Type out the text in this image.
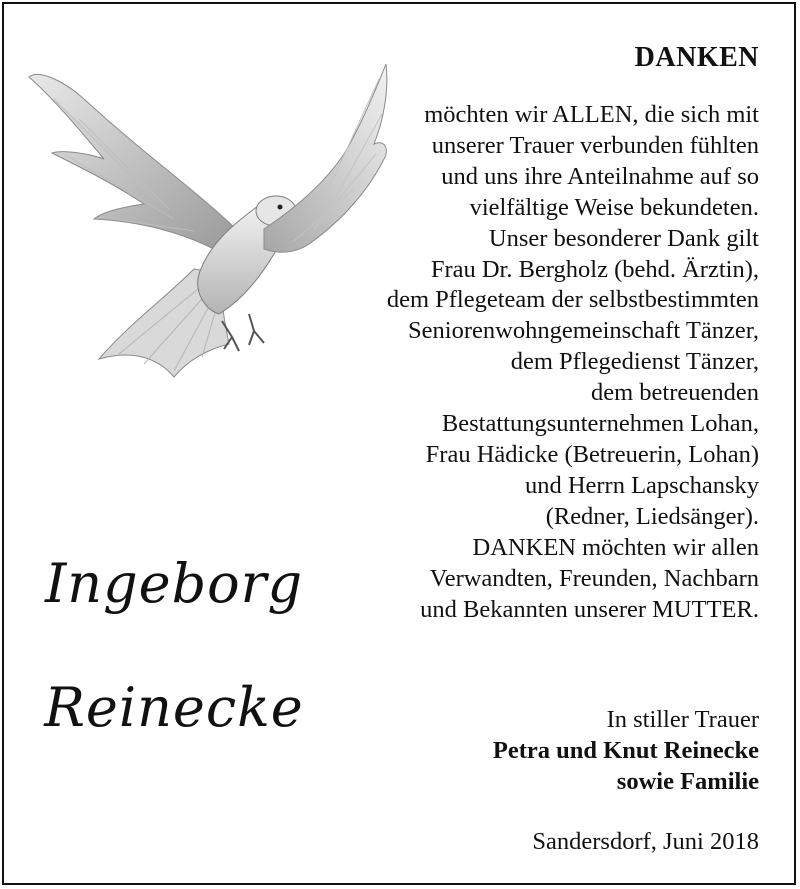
Ingeborg
Reinecke
DANKEN
möchten wir ALLEN, die sich mit
unserer Trauer verbunden fühlten
und uns ihre Anteilnahme auf so
vielfältige Weise bekundeten.
Unser besonderer Dank gilt
Frau Dr. Bergholz (behd. Ärztin),
dem Pflegeteam der selbstbestimmten
Seniorenwohngemeinschaft Tänzer,
dem Pflegedienst Tänzer,
dem betreuenden
Bestattungsunternehmen Lohan,
Frau Hädicke (Betreuerin, Lohan)
und Herrn Lapschansky
(Redner, Liedsänger).
DANKEN möchten wir allen
Verwandten, Freunden, Nachbarn
und Bekannten unserer MUTTER.
In stiller Trauer
Petra und Knut Reinecke
sowie Familie
Sandersdorf, Juni 2018
